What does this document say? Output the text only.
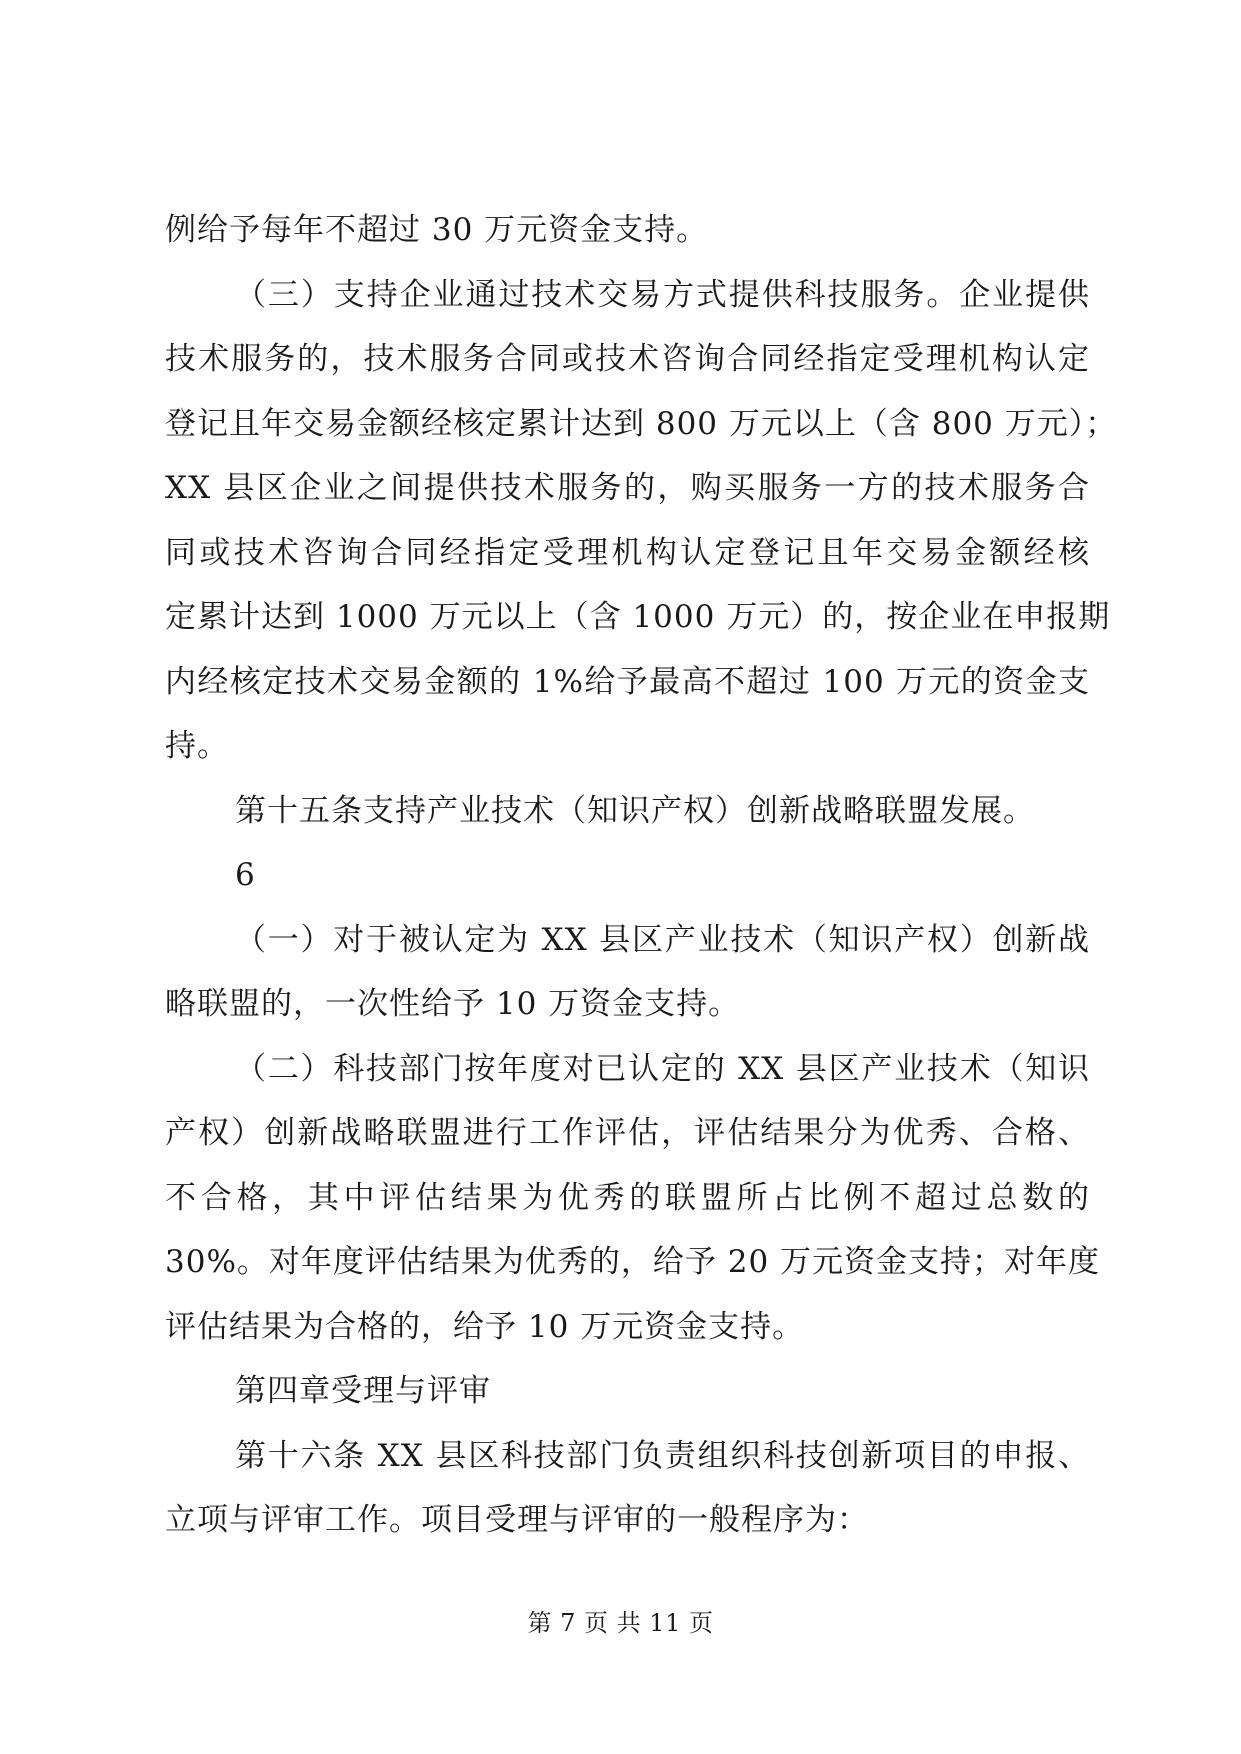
例给予每年不超过 30 万元资金支持。
（三）支持企业通过技术交易方式提供科技服务。企业提供
技术服务的，技术服务合同或技术咨询合同经指定受理机构认定
登记且年交易金额经核定累计达到 800 万元以上（含 800 万元）；
XX 县区企业之间提供技术服务的，购买服务一方的技术服务合
同或技术咨询合同经指定受理机构认定登记且年交易金额经核
定累计达到 1000 万元以上（含 1000 万元）的，按企业在申报期
内经核定技术交易金额的 1%给予最高不超过 100 万元的资金支
持。
第十五条支持产业技术（知识产权）创新战略联盟发展。
6
（一）对于被认定为 XX 县区产业技术（知识产权）创新战
略联盟的，一次性给予 10 万资金支持。
（二）科技部门按年度对已认定的 XX 县区产业技术（知识
产权）创新战略联盟进行工作评估，评估结果分为优秀、合格、
不合格，其中评估结果为优秀的联盟所占比例不超过总数的
30%。对年度评估结果为优秀的，给予 20 万元资金支持；对年度
评估结果为合格的，给予 10 万元资金支持。
第四章受理与评审
第十六条 XX 县区科技部门负责组织科技创新项目的申报、
立项与评审工作。项目受理与评审的一般程序为：
第 7 页 共 11 页
